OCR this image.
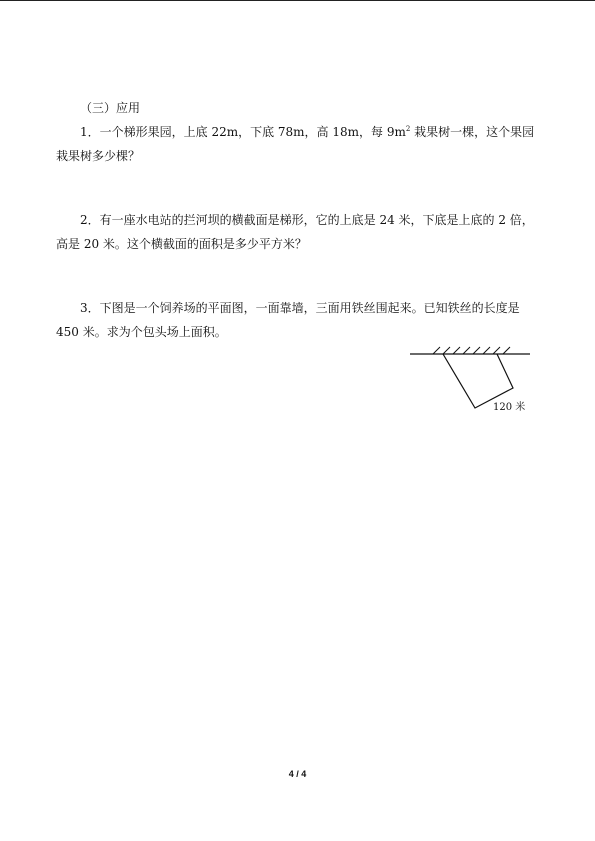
（三）应用

1．一个梯形果园，上底 22m，下底 78m，高 18m，每 $9m^2$ 栽果树一棵，这个果园栽果树多少棵？

2．有一座水电站的拦河坝的横截面是梯形，它的上底是 24 米，下底是上底的 2 倍，高是 20 米。这个横截面的面积是多少平方米？

3．下图是一个饲养场的平面图，一面靠墙，三面用铁丝围起来。已知铁丝的长度是 450 米。求为个包头场上面积。

120 米
4 / 4
